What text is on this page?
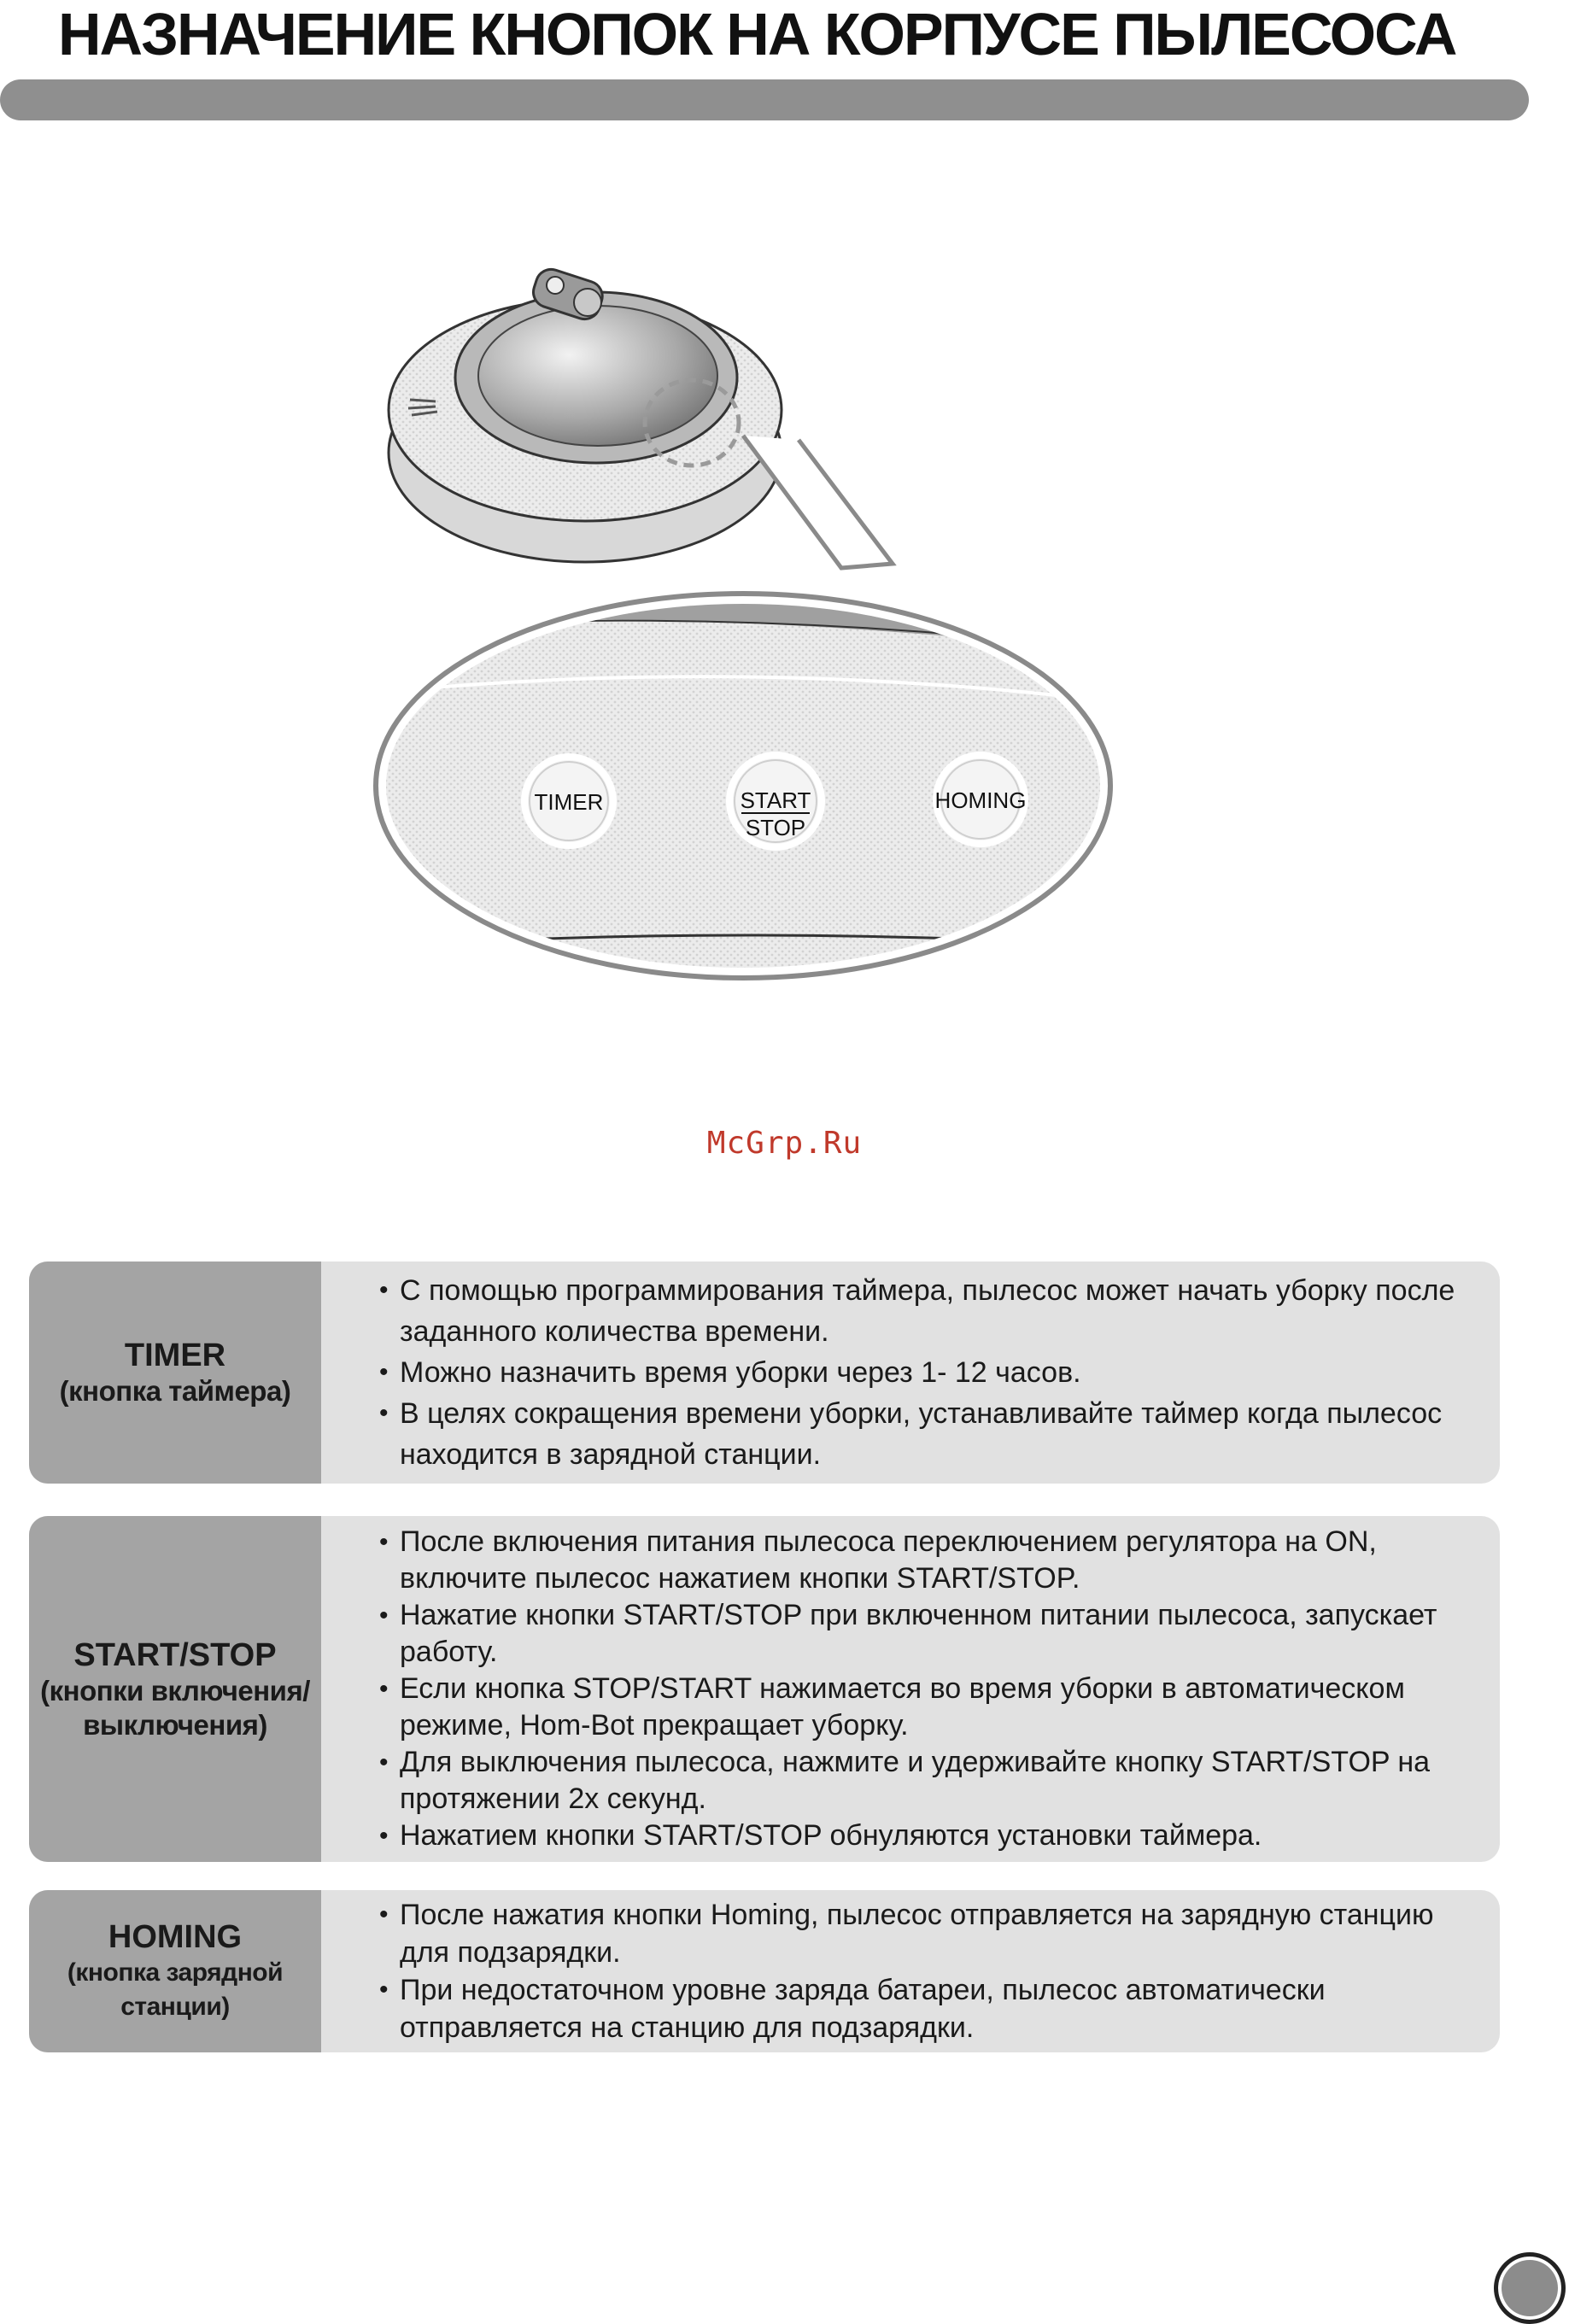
НАЗНАЧЕНИЕ КНОПОК НА КОРПУСЕ ПЫЛЕСОСА
TIMER	START
STOP
HOMING
McGrp.Ru
TIMER
(кнопка таймера)
• С помощью программирования таймера, пылесос может начать уборку после заданного количества времени.
• Можно назначить время уборки через 1- 12 часов.
• В целях сокращения времени уборки, устанавливайте таймер когда пылесос находится в зарядной станции.
START/STOP
(кнопки включения/
выключения)
• После включения питания пылесоса переключением регулятора на ON, включите пылесос нажатием кнопки START/STOP.
• Нажатие кнопки START/STOP при включенном питании пылесоса, запускает работу.
• Если кнопка STOP/START нажимается во время уборки в автоматическом режиме, Hom-Bot прекращает уборку.
• Для выключения пылесоса, нажмите и удерживайте кнопку START/STOP на протяжении 2х секунд.
• Нажатием кнопки START/STOP обнуляются установки таймера.
HOMING
(кнопка зарядной станции)
• После нажатия кнопки Homing, пылесос отправляется на зарядную станцию для подзарядки.
• При недостаточном уровне заряда батареи, пылесос автоматически отправляется на станцию для подзарядки.
